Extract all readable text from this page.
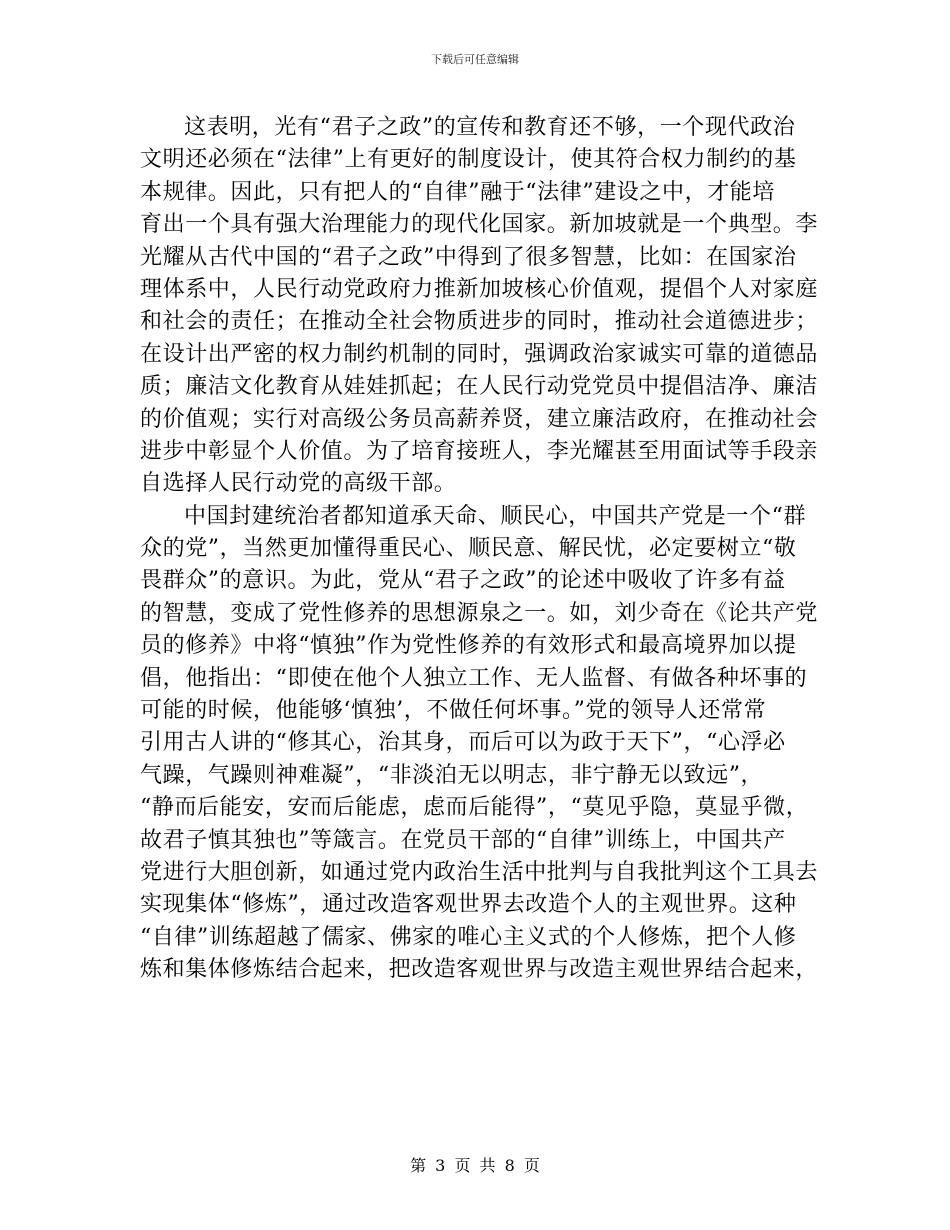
下载后可任意编辑
这表明，光有“君子之政”的宣传和教育还不够，一个现代政治
文明还必须在“法律”上有更好的制度设计，使其符合权力制约的基
本规律。因此，只有把人的“自律”融于“法律”建设之中，才能培
育出一个具有强大治理能力的现代化国家。新加坡就是一个典型。李
光耀从古代中国的“君子之政”中得到了很多智慧，比如：在国家治
理体系中，人民行动党政府力推新加坡核心价值观，提倡个人对家庭
和社会的责任；在推动全社会物质进步的同时，推动社会道德进步；
在设计出严密的权力制约机制的同时，强调政治家诚实可靠的道德品
质；廉洁文化教育从娃娃抓起；在人民行动党党员中提倡洁净、廉洁
的价值观；实行对高级公务员高薪养贤，建立廉洁政府，在推动社会
进步中彰显个人价值。为了培育接班人，李光耀甚至用面试等手段亲
自选择人民行动党的高级干部。
中国封建统治者都知道承天命、顺民心，中国共产党是一个“群
众的党”，当然更加懂得重民心、顺民意、解民忧，必定要树立“敬
畏群众”的意识。为此，党从“君子之政”的论述中吸收了许多有益
的智慧，变成了党性修养的思想源泉之一。如，刘少奇在《论共产党
员的修养》中将“慎独”作为党性修养的有效形式和最高境界加以提
倡，他指出：“即使在他个人独立工作、无人监督、有做各种坏事的
可能的时候，他能够‘慎独’，不做任何坏事。”党的领导人还常常
引用古人讲的“修其心，治其身，而后可以为政于天下”，“心浮必
气躁，气躁则神难凝”，“非淡泊无以明志，非宁静无以致远”，
“静而后能安，安而后能虑，虑而后能得”，“莫见乎隐，莫显乎微，
故君子慎其独也”等箴言。在党员干部的“自律”训练上，中国共产
党进行大胆创新，如通过党内政治生活中批判与自我批判这个工具去
实现集体“修炼”，通过改造客观世界去改造个人的主观世界。这种
“自律”训练超越了儒家、佛家的唯心主义式的个人修炼，把个人修
炼和集体修炼结合起来，把改造客观世界与改造主观世界结合起来，
第 3 页 共 8 页
